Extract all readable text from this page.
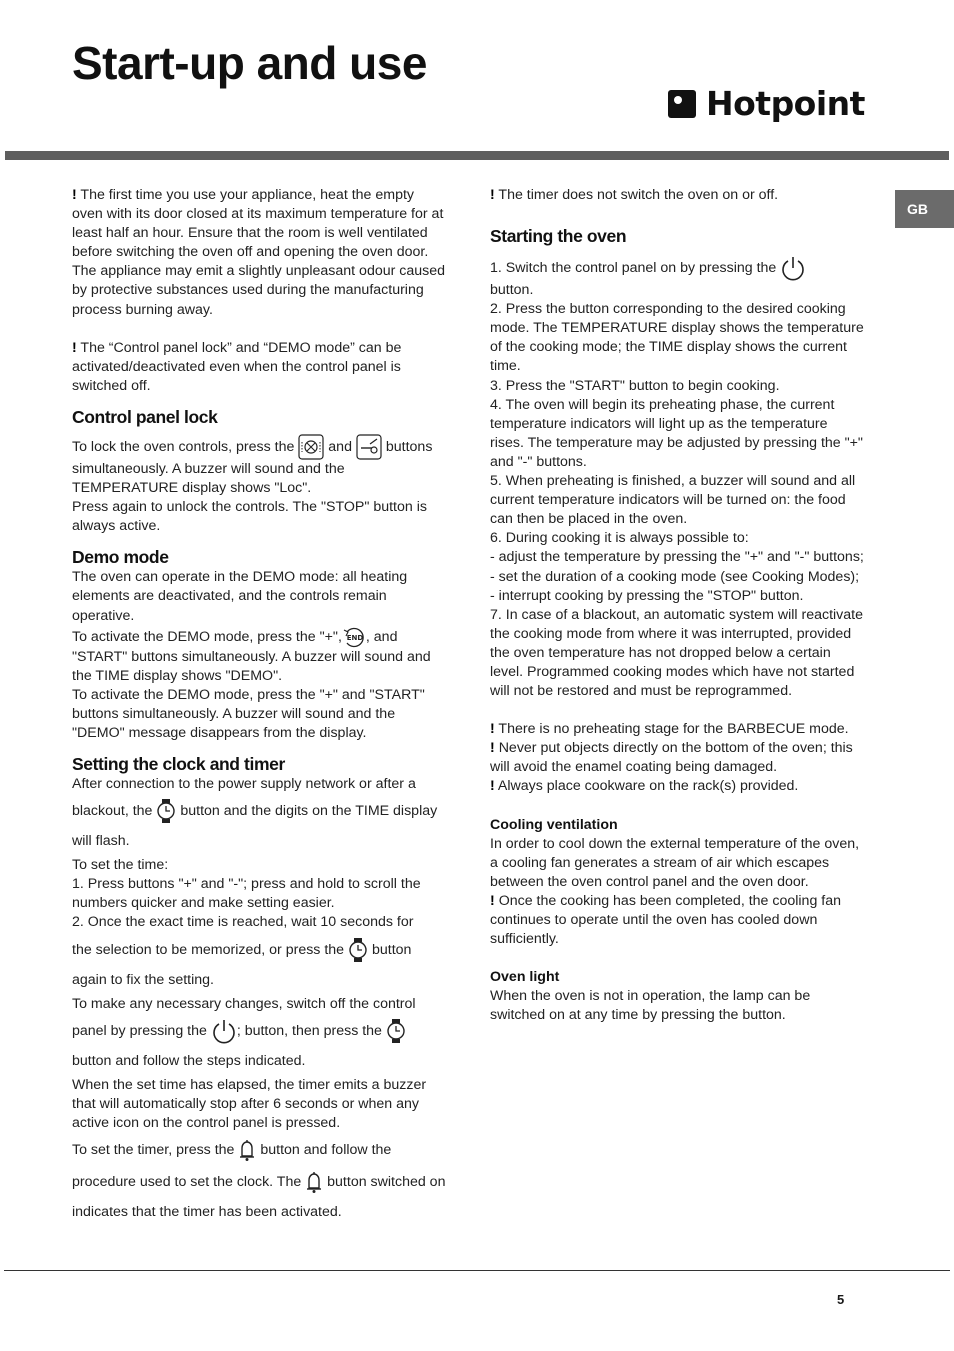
Start-up and use
Hotpoint
GB

! The first time you use your appliance, heat the empty oven with its door closed at its maximum temperature for at least half an hour. Ensure that the room is well ventilated before switching the oven off and opening the oven door. The appliance may emit a slightly unpleasant odour caused by protective substances used during the manufacturing process burning away.

! The “Control panel lock” and “DEMO mode” can be activated/deactivated even when the control panel is switched off.

Control panel lock

To lock the oven controls, press the and buttons simultaneously. A buzzer will sound and the TEMPERATURE display shows "Loc".

Press again to unlock the controls. The "STOP" button is always active.

Demo mode

The oven can operate in the DEMO mode: all heating elements are deactivated, and the controls remain operative.

To activate the DEMO mode, press the "+", END , and "START" buttons simultaneously. A buzzer will sound and the TIME display shows "DEMO".

To activate the DEMO mode, press the "+" and "START" buttons simultaneously. A buzzer will sound and the "DEMO" message disappears from the display.

Setting the clock and timer

After connection to the power supply network or after a

blackout, the button and the digits on the TIME display will flash.

To set the time:

1. Press buttons "+" and "-"; press and hold to scroll the numbers quicker and make setting easier.

2. Once the exact time is reached, wait 10 seconds for

the selection to be memorized, or press the button again to fix the setting.

To make any necessary changes, switch off the control

panel by pressing the ; button, then press the
button and follow the steps indicated.

When the set time has elapsed, the timer emits a buzzer that will automatically stop after 6 seconds or when any active icon on the control panel is pressed.

To set the timer, press the button and follow the

procedure used to set the clock. The button switched on indicates that the timer has been activated.

! The timer does not switch the oven on or off.

Starting the oven

1. Switch the control panel on by pressing the

button.

2. Press the button corresponding to the desired cooking mode. The TEMPERATURE display shows the temperature of the cooking mode; the TIME display shows the current time.

3. Press the "START" button to begin cooking.

4. The oven will begin its preheating phase, the current temperature indicators will light up as the temperature rises. The temperature may be adjusted by pressing the "+" and "-" buttons.

5. When preheating is finished, a buzzer will sound and all current temperature indicators will be turned on: the food can then be placed in the oven.

6. During cooking it is always possible to:

- adjust the temperature by pressing the "+" and "-" buttons;

- set the duration of a cooking mode (see Cooking Modes);

- interrupt cooking by pressing the "STOP" button.

7. In case of a blackout, an automatic system will reactivate the cooking mode from where it was interrupted, provided the oven temperature has not dropped below a certain level. Programmed cooking modes which have not started will not be restored and must be reprogrammed.

! There is no preheating stage for the BARBECUE mode.

! Never put objects directly on the bottom of the oven; this will avoid the enamel coating being damaged.

! Always place cookware on the rack(s) provided.

Cooling ventilation

In order to cool down the external temperature of the oven, a cooling fan generates a stream of air which escapes between the oven control panel and the oven door.

! Once the cooking has been completed, the cooling fan continues to operate until the oven has cooled down sufficiently.

Oven light

When the oven is not in operation, the lamp can be switched on at any time by pressing the button.

5
